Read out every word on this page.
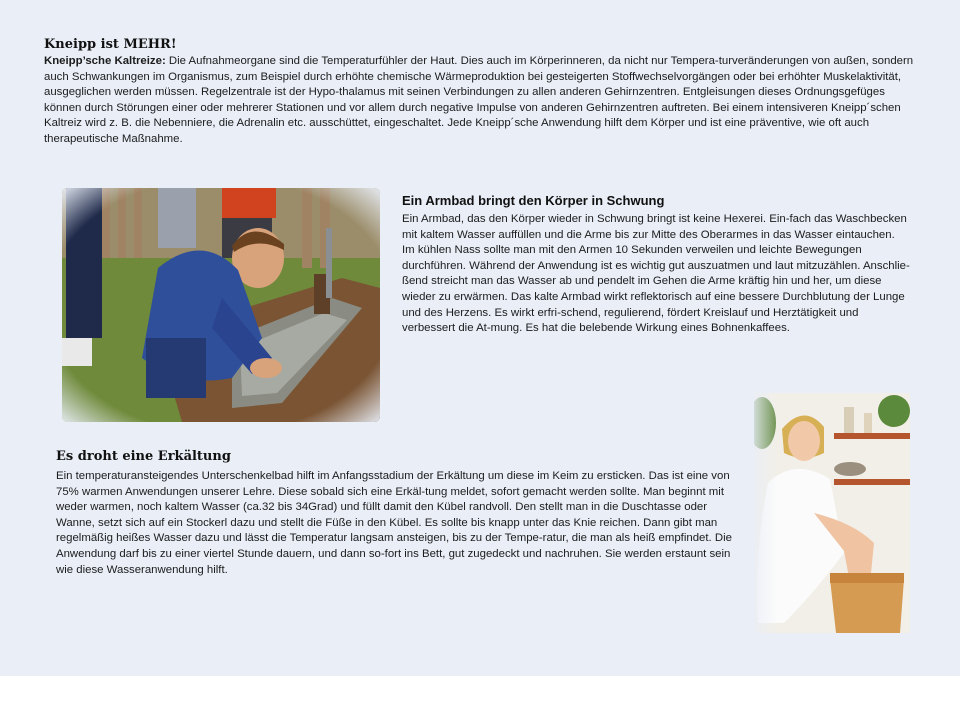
Kneipp ist MEHR!

Kneipp’sche Kaltreize: Die Aufnahmeorgane sind die Temperaturfühler der Haut. Dies auch im Körperinneren, da nicht nur Tempera-turveränderungen von außen, sondern auch Schwankungen im Organismus, zum Beispiel durch erhöhte chemische Wärmeproduktion bei gesteigerten Stoffwechselvorgängen oder bei erhöhter Muskelaktivität, ausgeglichen werden müssen. Regelzentrale ist der Hypo-thalamus mit seinen Verbindungen zu allen anderen Gehirnzentren. Entgleisungen dieses Ordnungsgefüges können durch Störungen einer oder mehrerer Stationen und vor allem durch negative Impulse von anderen Gehirnzentren auftreten. Bei einem intensiveren Kneipp´schen Kaltreiz wird z. B. die Nebenniere, die Adrenalin etc. ausschüttet, eingeschaltet. Jede Kneipp´sche Anwendung hilft dem Körper und ist eine präventive, wie oft auch therapeutische Maßnahme.

Ein Armbad bringt den Körper in Schwung

Ein Armbad, das den Körper wieder in Schwung bringt ist keine Hexerei. Ein-fach das Waschbecken mit kaltem Wasser auffüllen und die Arme bis zur Mitte des Oberarmes in das Wasser eintauchen. Im kühlen Nass sollte man mit den Armen 10 Sekunden verweilen und leichte Bewegungen durchführen. Während der Anwendung ist es wichtig gut auszuatmen und laut mitzuzählen. Anschlie-ßend streicht man das Wasser ab und pendelt im Gehen die Arme kräftig hin und her, um diese wieder zu erwärmen. Das kalte Armbad wirkt reflektorisch auf eine bessere Durchblutung der Lunge und des Herzens. Es wirkt erfri-schend, regulierend, fördert Kreislauf und Herztätigkeit und verbessert die At-mung. Es hat die belebende Wirkung eines Bohnenkaffees.

Es droht eine Erkältung

Ein temperaturansteigendes Unterschenkelbad hilft im Anfangsstadium der Erkältung um diese im Keim zu ersticken. Das ist eine von 75% warmen Anwendungen unserer Lehre. Diese sobald sich eine Erkäl-tung meldet, sofort gemacht werden sollte. Man beginnt mit weder warmen, noch kaltem Wasser (ca.32 bis 34Grad) und füllt damit den Kübel randvoll. Den stellt man in die Duschtasse oder Wanne, setzt sich auf ein Stockerl dazu und stellt die Füße in den Kübel. Es sollte bis knapp unter das Knie reichen. Dann gibt man regelmäßig heißes Wasser dazu und lässt die Temperatur langsam ansteigen, bis zu der Tempe-ratur, die man als heiß empfindet. Die Anwendung darf bis zu einer viertel Stunde dauern, und dann so-fort ins Bett, gut zugedeckt und nachruhen. Sie werden erstaunt sein wie diese Wasseranwendung hilft.
